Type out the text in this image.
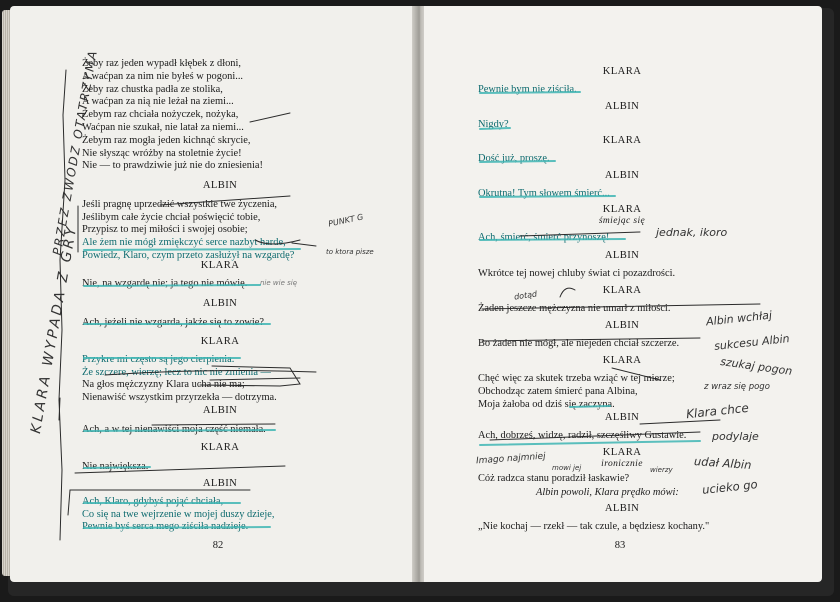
Żeby raz jeden wypadł kłębek z dłoni,
A waćpan za nim nie byłeś w pogoni...
Żeby raz chustka padła ze stolika,
A waćpan za nią nie leżał na ziemi...
Żebym raz chciała nożyczek, nożyka,
Waćpan nie szukał, nie latał za niemi...
Żebym raz mogła jeden kichnąć skrycie,
Nie słysząc wróżby na stoletnie życie!
Nie — to prawdziwie już nie do zniesienia!
ALBIN
Jeśli pragnę uprzedzić wszystkie twe życzenia,
Jeślibym całe życie chciał poświęcić tobie,
Przypisz to mej miłości i swojej osobie;
Ale żem nie mógł zmiękczyć serce nazbyt harde,
Powiedz, Klaro, czym przeto zasłużył na wzgardę?
KLARA
Nie, na wzgardę nie; ja tego nie mówię.
ALBIN
Ach, jeżeli nie wzgarda, jakże się to zowie?
KLARA
Przykre mi często są jego cierpienia.
Że szczere, wierzę; lecz to nic nie zmienia —
Na głos mężczyzny Klara ucha nie ma;
Nienawiść wszystkim przyrzekła — dotrzyma.
ALBIN
Ach, a w tej nienawiści moja część niemała.
KLARA
Nie największa.
ALBIN
Ach, Klaro, gdybyś pojąć chciała,
Co się na twe wejrzenie w mojej duszy dzieje,
Pewnie byś serca mego ziściła nadzieje.
82
KLARA WYPADA Z GRY
PRZEZ ZWODZ OTATRZYMA	PUNKT G
to ktora pisze
nie wie się
KLARA
Pewnie bym nie ziściła.
ALBIN
Nigdy?
KLARA
Dość już, proszę.
ALBIN
Okrutna! Tym słowem śmierć...
KLARA
śmiejąc się
Ach, śmierć, śmierć przynoszę!
ALBIN
Wkrótce tej nowej chluby świat ci pozazdrości.
KLARA
Żaden jeszcze mężczyzna nie umarł z miłości.
ALBIN
Bo żaden nie mógł, ale niejeden chciał szczerze.
KLARA
Chęć więc za skutek trzeba wziąć w tej mierze;
Obchodząc zatem śmierć pana Albina,
Moja żałoba od dziś się zaczyna.
ALBIN
Ach, dobrześ, widzę, radził, szczęśliwy Gustawie.
KLARA
ironicznie
Cóż radzca stanu poradził łaskawie?
Albin powoli, Klara prędko mówi:
ALBIN
„Nie kochaj — rzekł — tak czule, a będziesz kochany."
83
dotąd
jednak, ikoro
Albin wchłaj
sukcesu Albin
szukaj pogon
z wraz się pogo
Klara chce
podylaje
udał Albin
ucieko go
Imago najmniej
mowi jej	wierzy
